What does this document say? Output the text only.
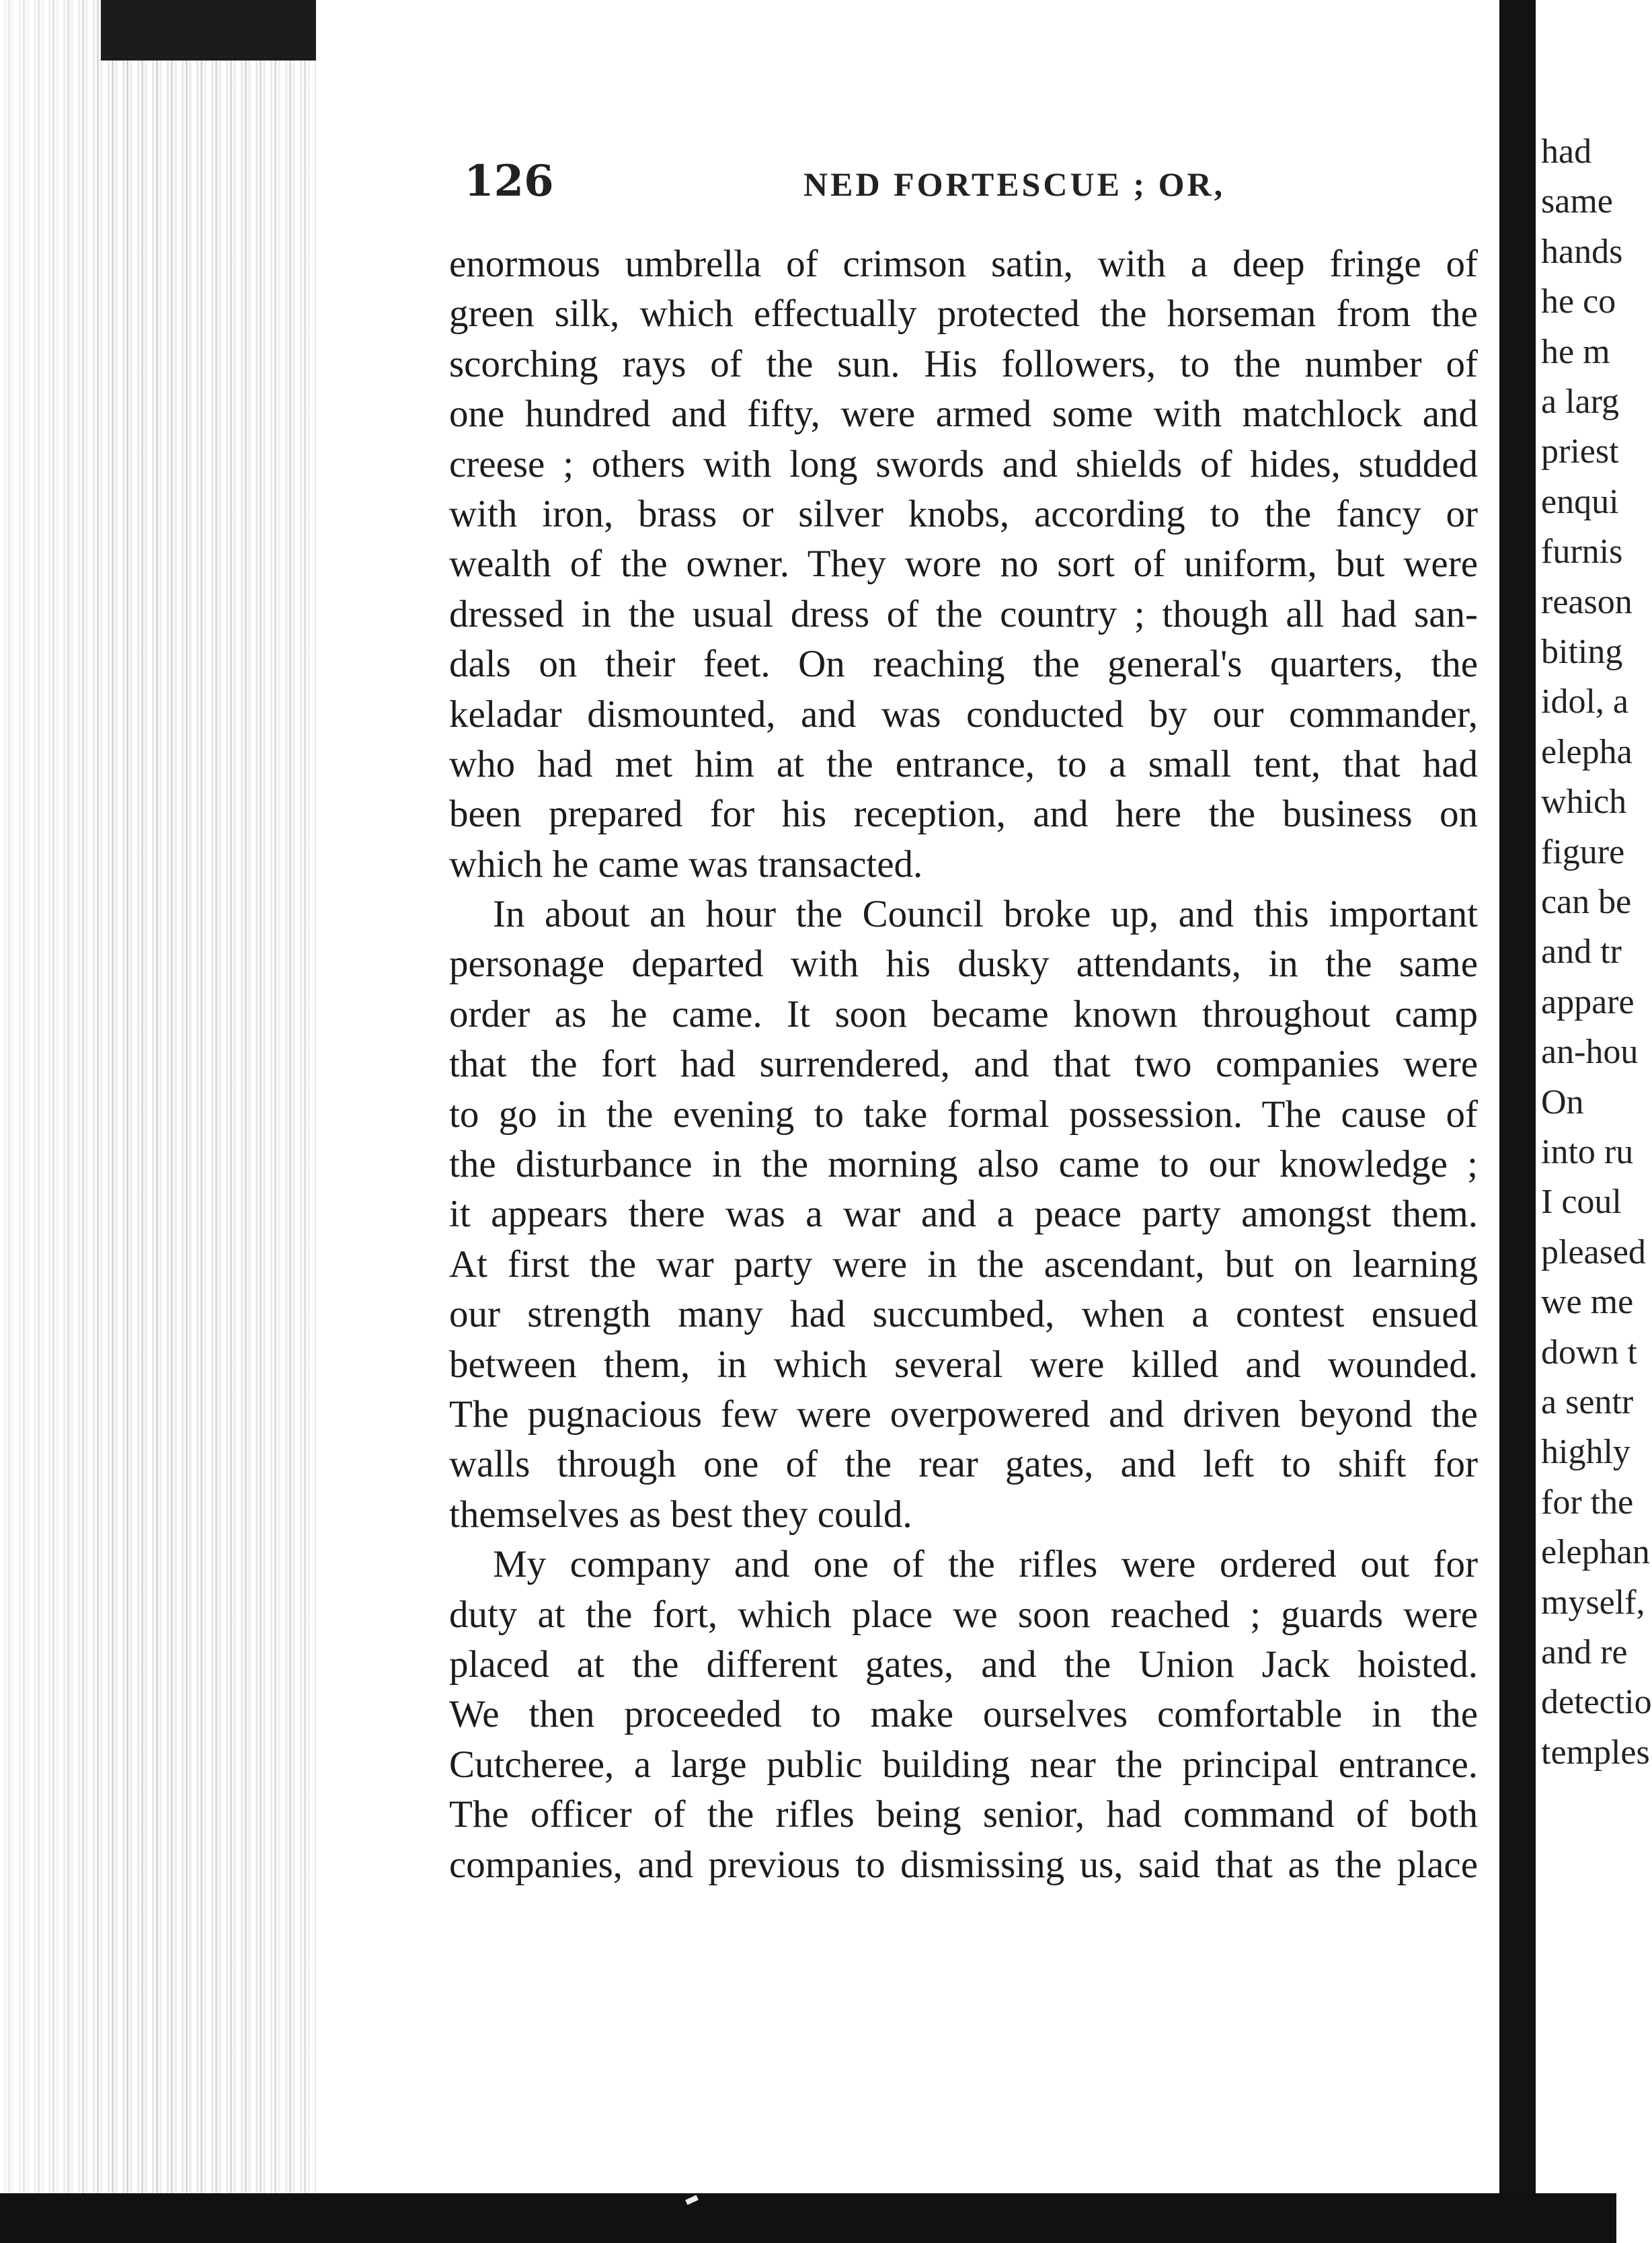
126	NED FORTESCUE ; OR,
enormous umbrella of crimson satin, with a deep fringe of
green silk, which effectually protected the horseman from the
scorching rays of the sun. His followers, to the number of
one hundred and fifty, were armed some with matchlock and
creese ; others with long swords and shields of hides, studded
with iron, brass or silver knobs, according to the fancy or
wealth of the owner. They wore no sort of uniform, but were
dressed in the usual dress of the country ; though all had san-
dals on their feet. On reaching the general's quarters, the
keladar dismounted, and was conducted by our commander,
who had met him at the entrance, to a small tent, that had
been prepared for his reception, and here the business on
which he came was transacted.
In about an hour the Council broke up, and this important
personage departed with his dusky attendants, in the same
order as he came. It soon became known throughout camp
that the fort had surrendered, and that two companies were
to go in the evening to take formal possession. The cause of
the disturbance in the morning also came to our knowledge ;
it appears there was a war and a peace party amongst them.
At first the war party were in the ascendant, but on learning
our strength many had succumbed, when a contest ensued
between them, in which several were killed and wounded.
The pugnacious few were overpowered and driven beyond the
walls through one of the rear gates, and left to shift for
themselves as best they could.
My company and one of the rifles were ordered out for
duty at the fort, which place we soon reached ; guards were
placed at the different gates, and the Union Jack hoisted.
We then proceeded to make ourselves comfortable in the
Cutcheree, a large public building near the principal entrance.
The officer of the rifles being senior, had command of both
companies, and previous to dismissing us, said that as the place
had
same
hands
he co
he m
a larg
priest
enqui
furnis
reason
biting
idol, a
elepha
which
figure
can be
and tr
appare
an-hou
On
into ru
I coul
pleased
we me
down t
a sentr
highly
for the
elephan
myself,
and re
detectio
temples
